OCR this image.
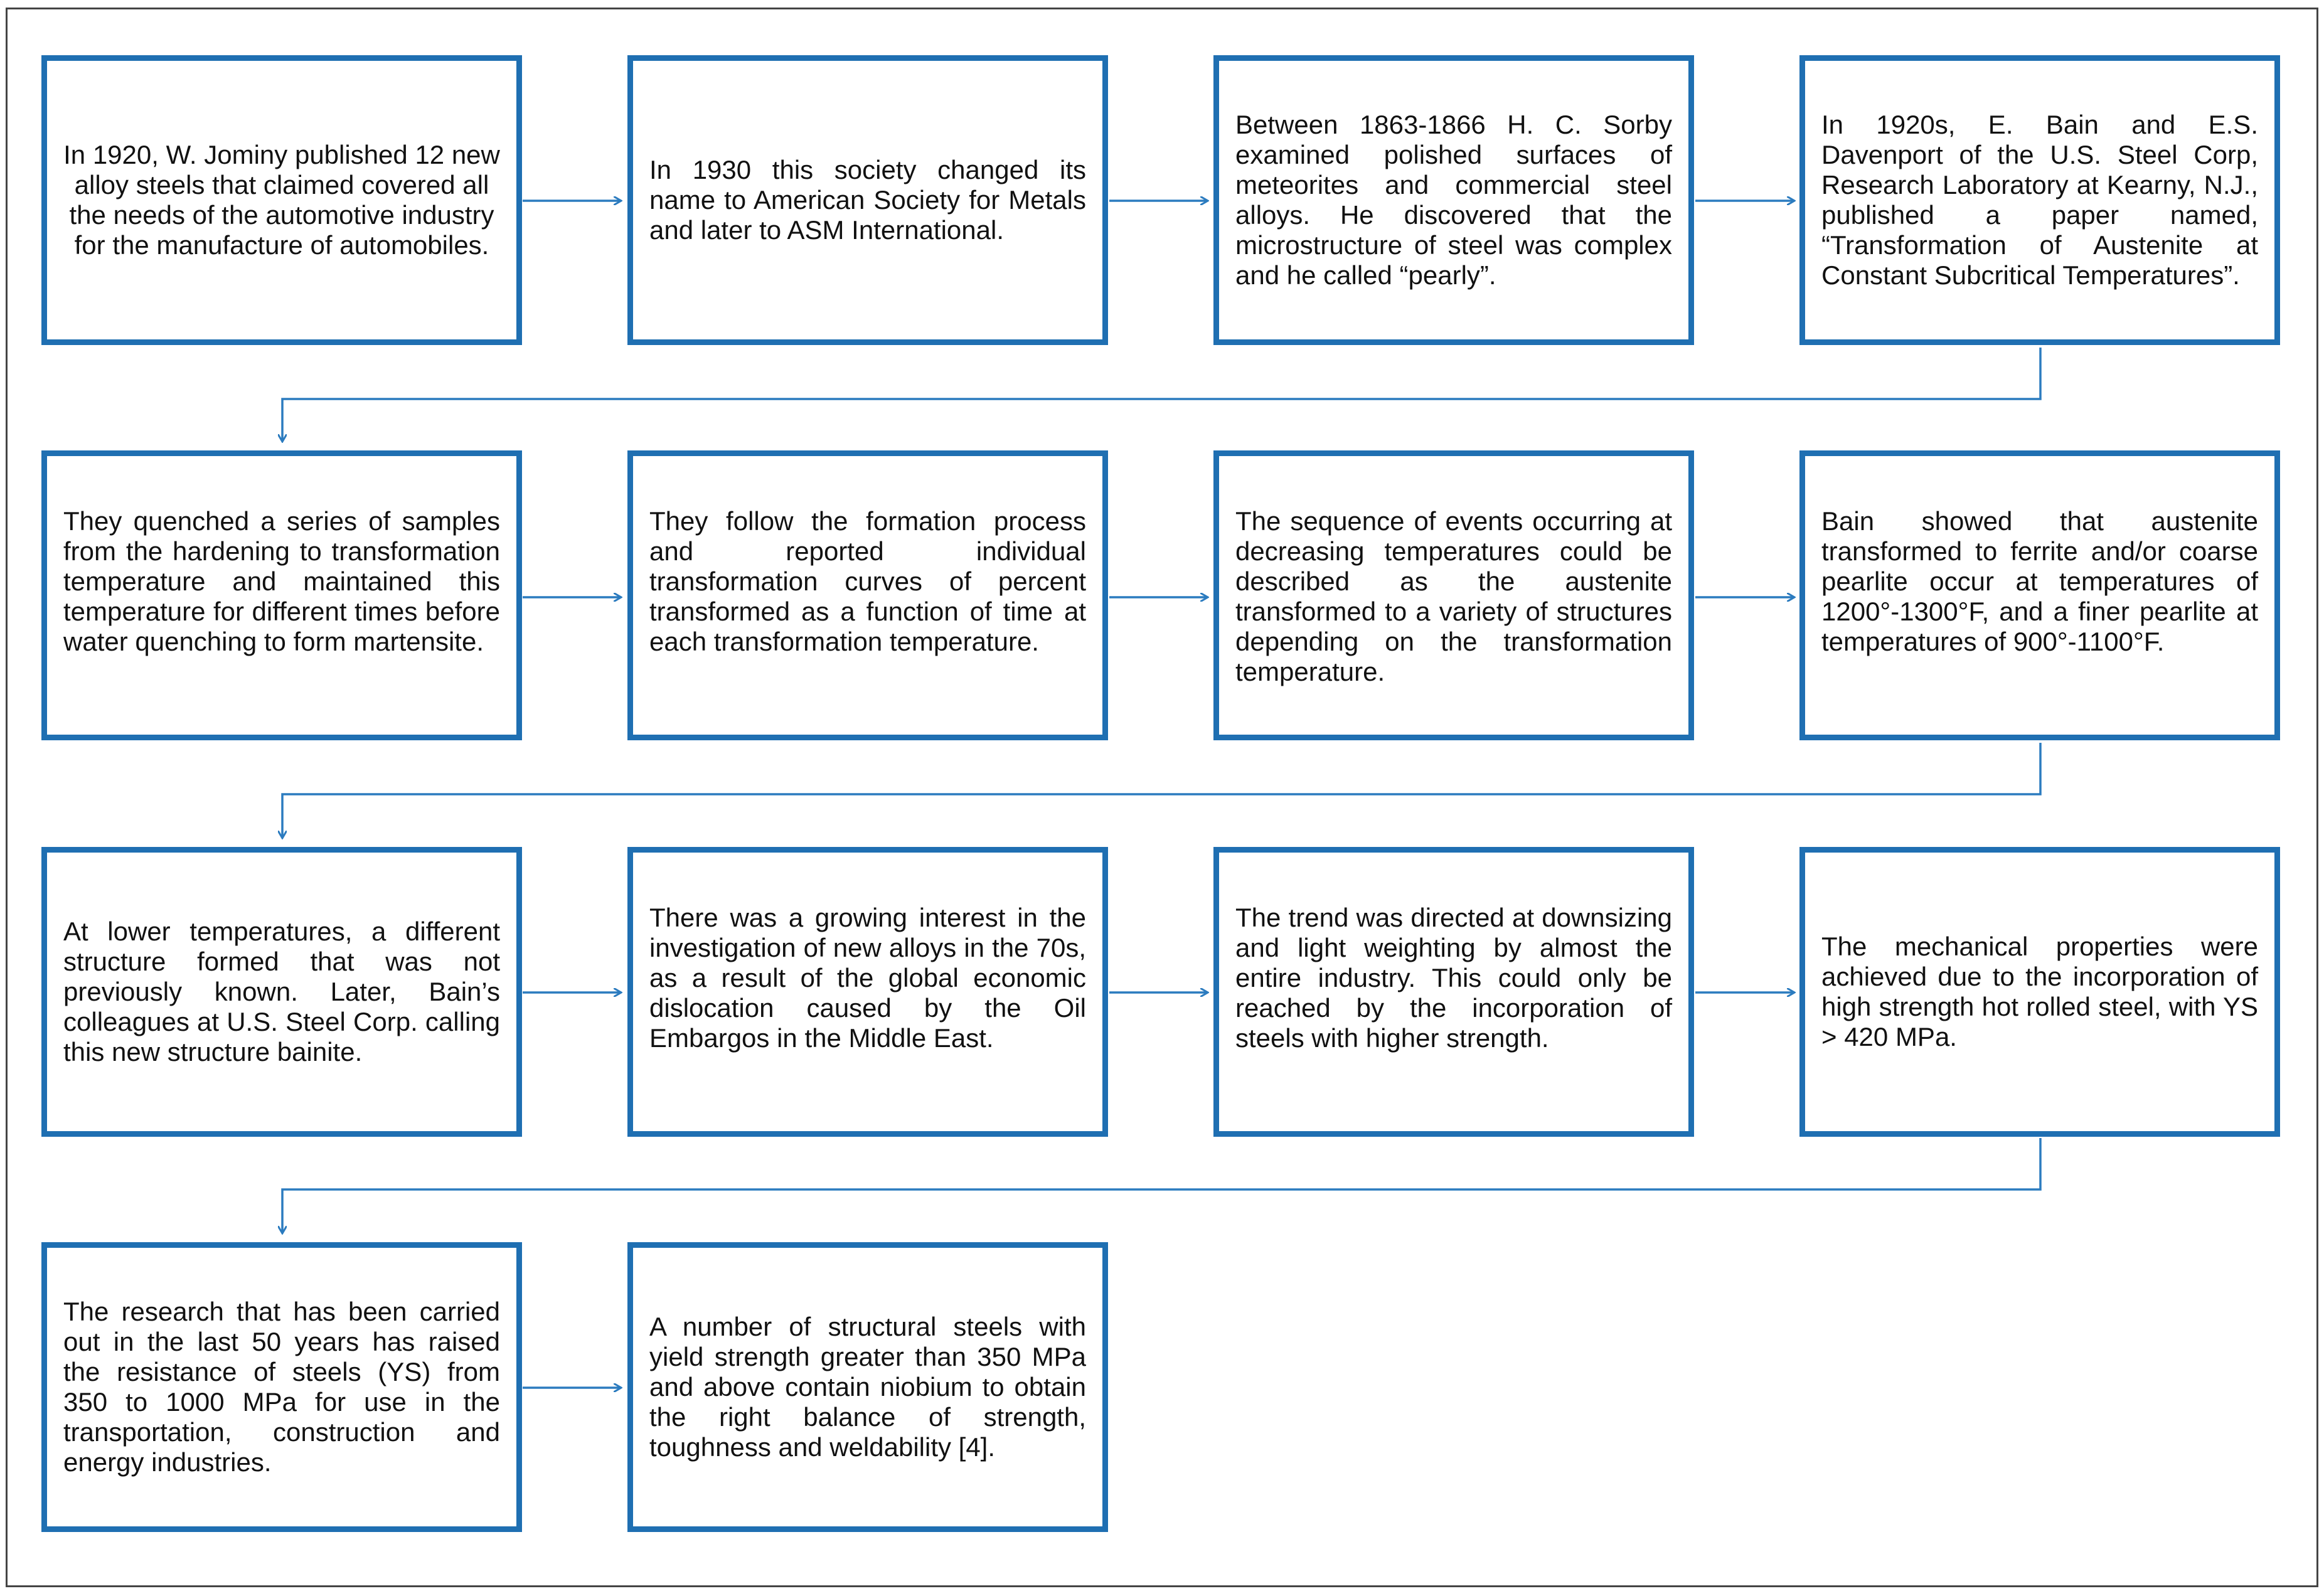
In 1920, W. Jominy published 12 new alloy steels that claimed covered all the needs of the automotive industry for the manufacture of automobiles.

In 1930 this society changed its name to American Society for Metals and later to ASM International.

Between 1863-1866 H. C. Sorby examined polished surfaces of meteorites and commercial steel alloys. He discovered that the microstructure of steel was complex and he called “pearly”.

In 1920s, E. Bain and E.S. Davenport of the U.S. Steel Corp, Research Laboratory at Kearny, N.J., published a paper named, “Transformation of Austenite at Constant Subcritical Temperatures”.

They quenched a series of samples from the hardening to transformation temperature and maintained this temperature for different times before water quenching to form martensite.

They follow the formation process and reported individual transformation curves of percent transformed as a function of time at each transformation temperature.

The sequence of events occurring at decreasing temperatures could be described as the austenite transformed to a variety of structures depending on the transformation temperature.

Bain showed that austenite transformed to ferrite and/or coarse pearlite occur at temperatures of 1200°-1300°F, and a finer pearlite at temperatures of 900°-1100°F.

At lower temperatures, a different structure formed that was not previously known. Later, Bain’s colleagues at U.S. Steel Corp. calling this new structure bainite.

There was a growing interest in the investigation of new alloys in the 70s, as a result of the global economic dislocation caused by the Oil Embargos in the Middle East.

The trend was directed at downsizing and light weighting by almost the entire industry. This could only be reached by the incorporation of steels with higher strength.

The mechanical properties were achieved due to the incorporation of high strength hot rolled steel, with YS > 420 MPa.

The research that has been carried out in the last 50 years has raised the resistance of steels (YS) from 350 to 1000 MPa for use in the transportation, construction and energy industries.

A number of structural steels with yield strength greater than 350 MPa and above contain niobium to obtain the right balance of strength, toughness and weldability [4].
